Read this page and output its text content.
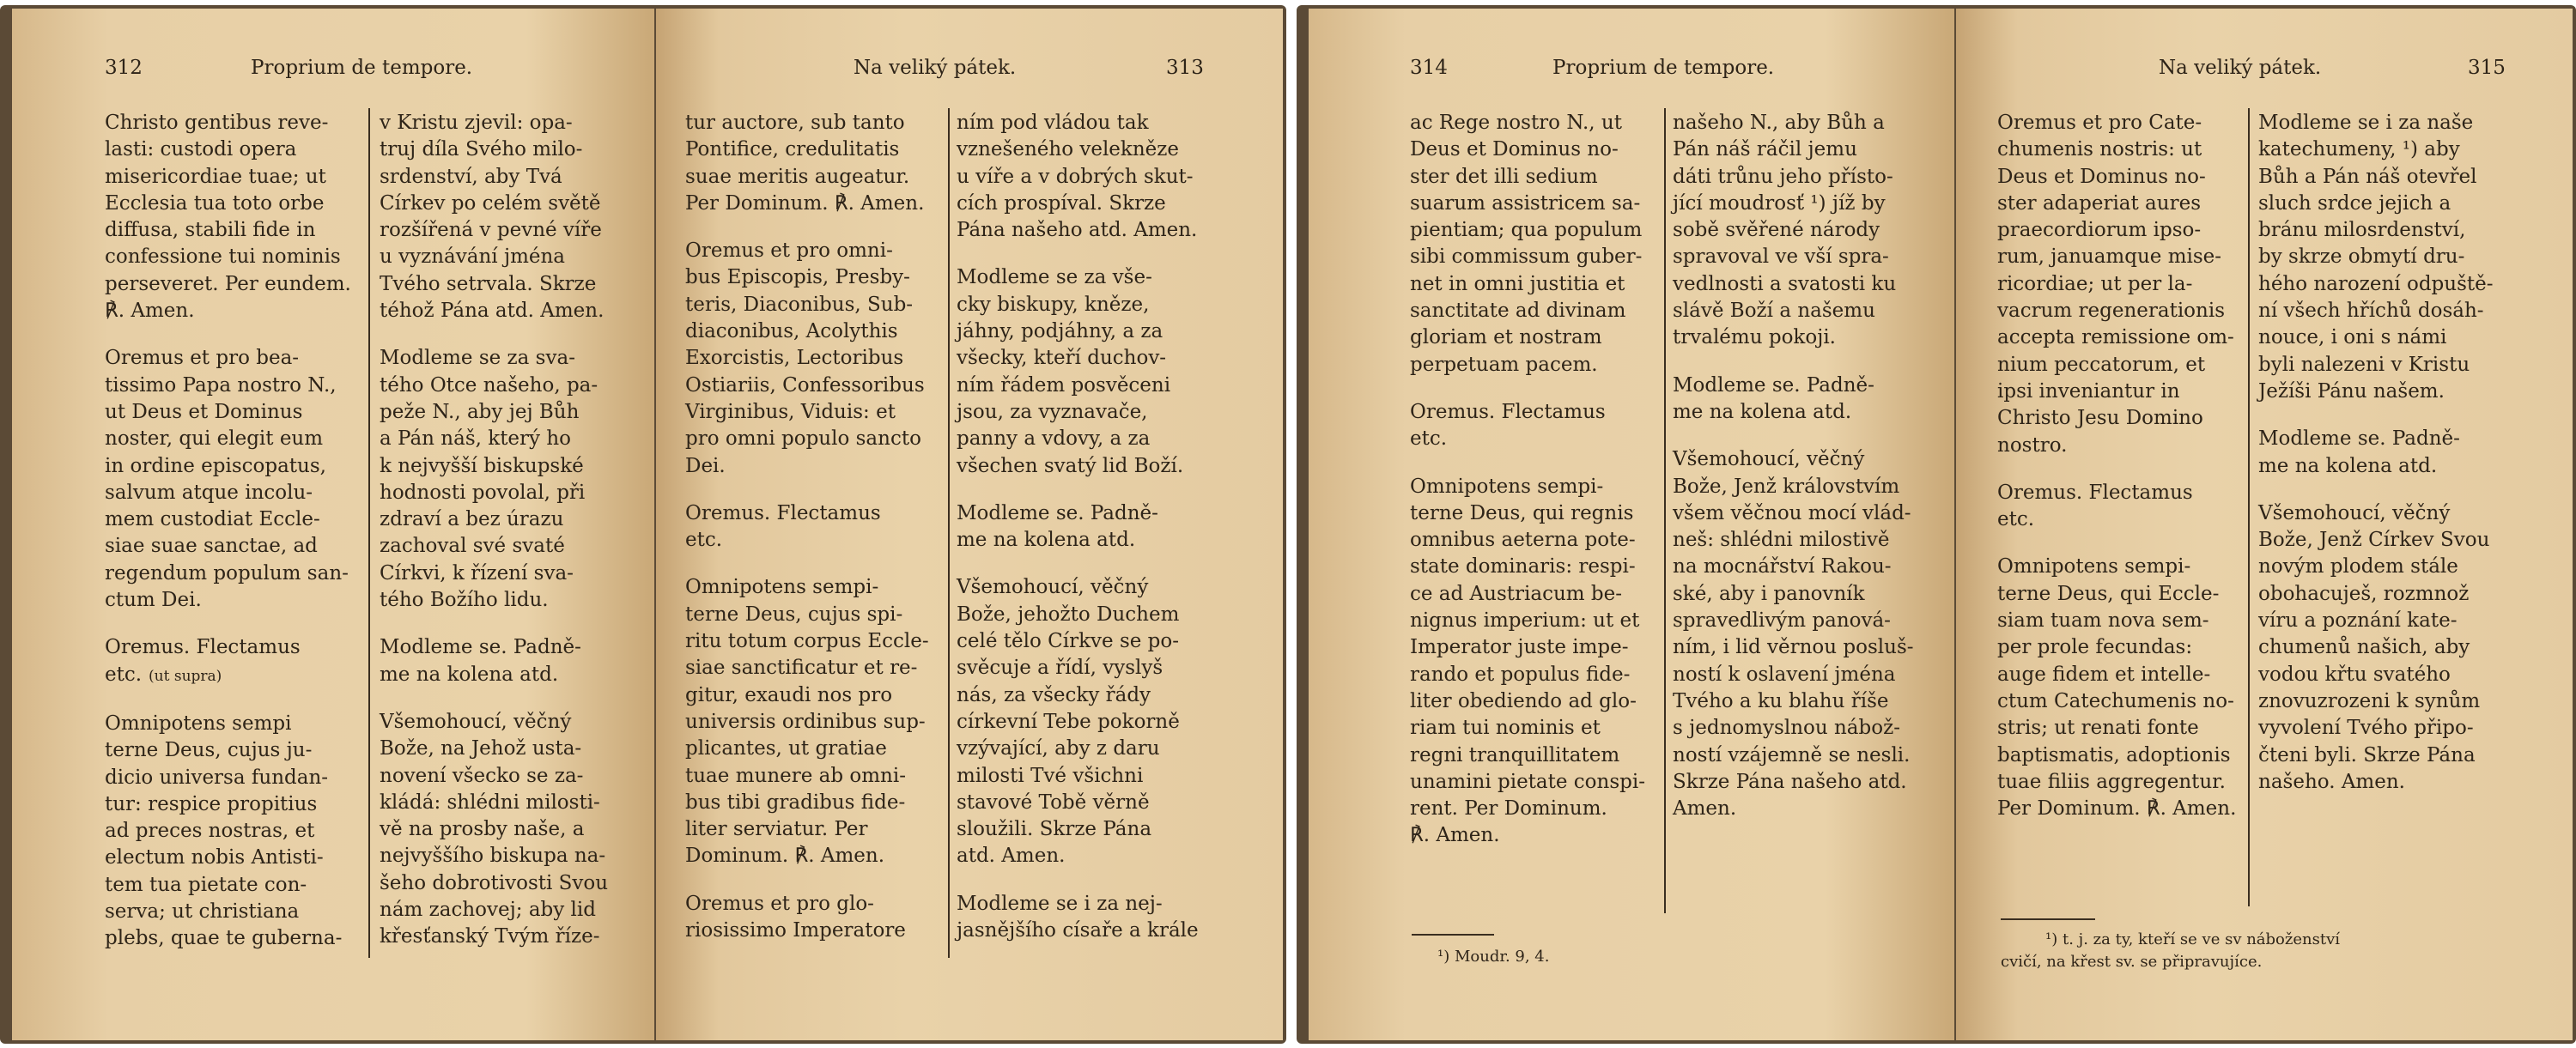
312	Proprium de tempore.

Christo gentibus reve-
lasti: custodi opera
misericordiae tuae; ut
Ecclesia tua toto orbe
diffusa, stabili fide in
confessione tui nominis
perseveret. Per eundem.
℟. Amen.

Oremus et pro bea-
tissimo Papa nostro N.,
ut Deus et Dominus
noster, qui elegit eum
in ordine episcopatus,
salvum atque incolu-
mem custodiat Eccle-
siae suae sanctae, ad
regendum populum san-
ctum Dei.

Oremus. Flectamus
etc. (ut supra)

Omnipotens sempi
terne Deus, cujus ju-
dicio universa fundan-
tur: respice propitius
ad preces nostras, et
electum nobis Antisti-
tem tua pietate con-
serva; ut christiana
plebs, quae te guberna-

v Kristu zjevil: opa-
truj díla Svého milo-
srdenství, aby Tvá
Církev po celém světě
rozšířená v pevné víře
u vyznávání jména
Tvého setrvala. Skrze
téhož Pána atd. Amen.

Modleme se za sva-
tého Otce našeho, pa-
peže N., aby jej Bůh
a Pán náš, který ho
k nejvyšší biskupské
hodnosti povolal, při
zdraví a bez úrazu
zachoval své svaté
Církvi, k řízení sva-
tého Božího lidu.

Modleme se. Padně-
me na kolena atd.

Všemohoucí, věčný
Bože, na Jehož usta-
novení všecko se za-
kládá: shlédni milosti-
vě na prosby naše, a
nejvyššího biskupa na-
šeho dobrotivosti Svou
nám zachovej; aby lid
křesťanský Tvým říze-

Na veliký pátek.	313

tur auctore, sub tanto
Pontifice, credulitatis
suae meritis augeatur.
Per Dominum. ℟. Amen.

Oremus et pro omni-
bus Episcopis, Presby-
teris, Diaconibus, Sub-
diaconibus, Acolythis
Exorcistis, Lectoribus
Ostiariis, Confessoribus
Virginibus, Viduis: et
pro omni populo sancto
Dei.

Oremus. Flectamus
etc.

Omnipotens sempi-
terne Deus, cujus spi-
ritu totum corpus Eccle-
siae sanctificatur et re-
gitur, exaudi nos pro
universis ordinibus sup-
plicantes, ut gratiae
tuae munere ab omni-
bus tibi gradibus fide-
liter serviatur. Per
Dominum. ℟. Amen.

Oremus et pro glo-
riosissimo Imperatore

ním pod vládou tak
vznešeného velekněze
u víře a v dobrých skut-
cích prospíval. Skrze
Pána našeho atd. Amen.

Modleme se za vše-
cky biskupy, kněze,
jáhny, podjáhny, a za
všecky, kteří duchov-
ním řádem posvěceni
jsou, za vyznavače,
panny a vdovy, a za
všechen svatý lid Boží.

Modleme se. Padně-
me na kolena atd.

Všemohoucí, věčný
Bože, jehožto Duchem
celé tělo Církve se po-
svěcuje a řídí, vyslyš
nás, za všecky řády
církevní Tebe pokorně
vzývající, aby z daru
milosti Tvé všichni
stavové Tobě věrně
sloužili. Skrze Pána
atd. Amen.

Modleme se i za nej-
jasnějšího císaře a krále

314	Proprium de tempore.

ac Rege nostro N., ut
Deus et Dominus no-
ster det illi sedium
suarum assistricem sa-
pientiam; qua populum
sibi commissum guber-
net in omni justitia et
sanctitate ad divinam
gloriam et nostram
perpetuam pacem.

Oremus. Flectamus
etc.

Omnipotens sempi-
terne Deus, qui regnis
omnibus aeterna pote-
state dominaris: respi-
ce ad Austriacum be-
nignus imperium: ut et
Imperator juste impe-
rando et populus fide-
liter obediendo ad glo-
riam tui nominis et
regni tranquillitatem
unamini pietate conspi-
rent. Per Dominum.
℟. Amen.

našeho N., aby Bůh a
Pán náš ráčil jemu
dáti trůnu jeho přísto-
jící moudrosť ¹) jíž by
sobě svěřené národy
spravoval ve vší spra-
vedlnosti a svatosti ku
slávě Boží a našemu
trvalému pokoji.

Modleme se. Padně-
me na kolena atd.

Všemohoucí, věčný
Bože, Jenž královstvím
všem věčnou mocí vlád-
neš: shlédni milostivě
na mocnářství Rakou-
ské, aby i panovník
spravedlivým panová-
ním, i lid věrnou posluš-
ností k oslavení jména
Tvého a ku blahu říše
s jednomyslnou nábož-
ností vzájemně se nesli.
Skrze Pána našeho atd.
Amen.

¹) Moudr. 9, 4.
Na veliký pátek.	315

Oremus et pro Cate-
chumenis nostris: ut
Deus et Dominus no-
ster adaperiat aures
praecordiorum ipso-
rum, januamque mise-
ricordiae; ut per la-
vacrum regenerationis
accepta remissione om-
nium peccatorum, et
ipsi inveniantur in
Christo Jesu Domino
nostro.

Oremus. Flectamus
etc.

Omnipotens sempi-
terne Deus, qui Eccle-
siam tuam nova sem-
per prole fecundas:
auge fidem et intelle-
ctum Catechumenis no-
stris; ut renati fonte
baptismatis, adoptionis
tuae filiis aggregentur.
Per Dominum. ℟. Amen.

Modleme se i za naše
katechumeny, ¹) aby
Bůh a Pán náš otevřel
sluch srdce jejich a
bránu milosrdenství,
by skrze obmytí dru-
hého narození odpuště-
ní všech hříchů dosáh-
nouce, i oni s námi
byli nalezeni v Kristu
Ježíši Pánu našem.

Modleme se. Padně-
me na kolena atd.

Všemohoucí, věčný
Bože, Jenž Církev Svou
novým plodem stále
obohacuješ, rozmnož
víru a poznání kate-
chumenů našich, aby
vodou křtu svatého
znovuzrozeni k synům
vyvolení Tvého připo-
čteni byli. Skrze Pána
našeho. Amen.

¹) t. j. za ty, kteří se ve sv náboženství
cvičí, na křest sv. se připravujíce.
